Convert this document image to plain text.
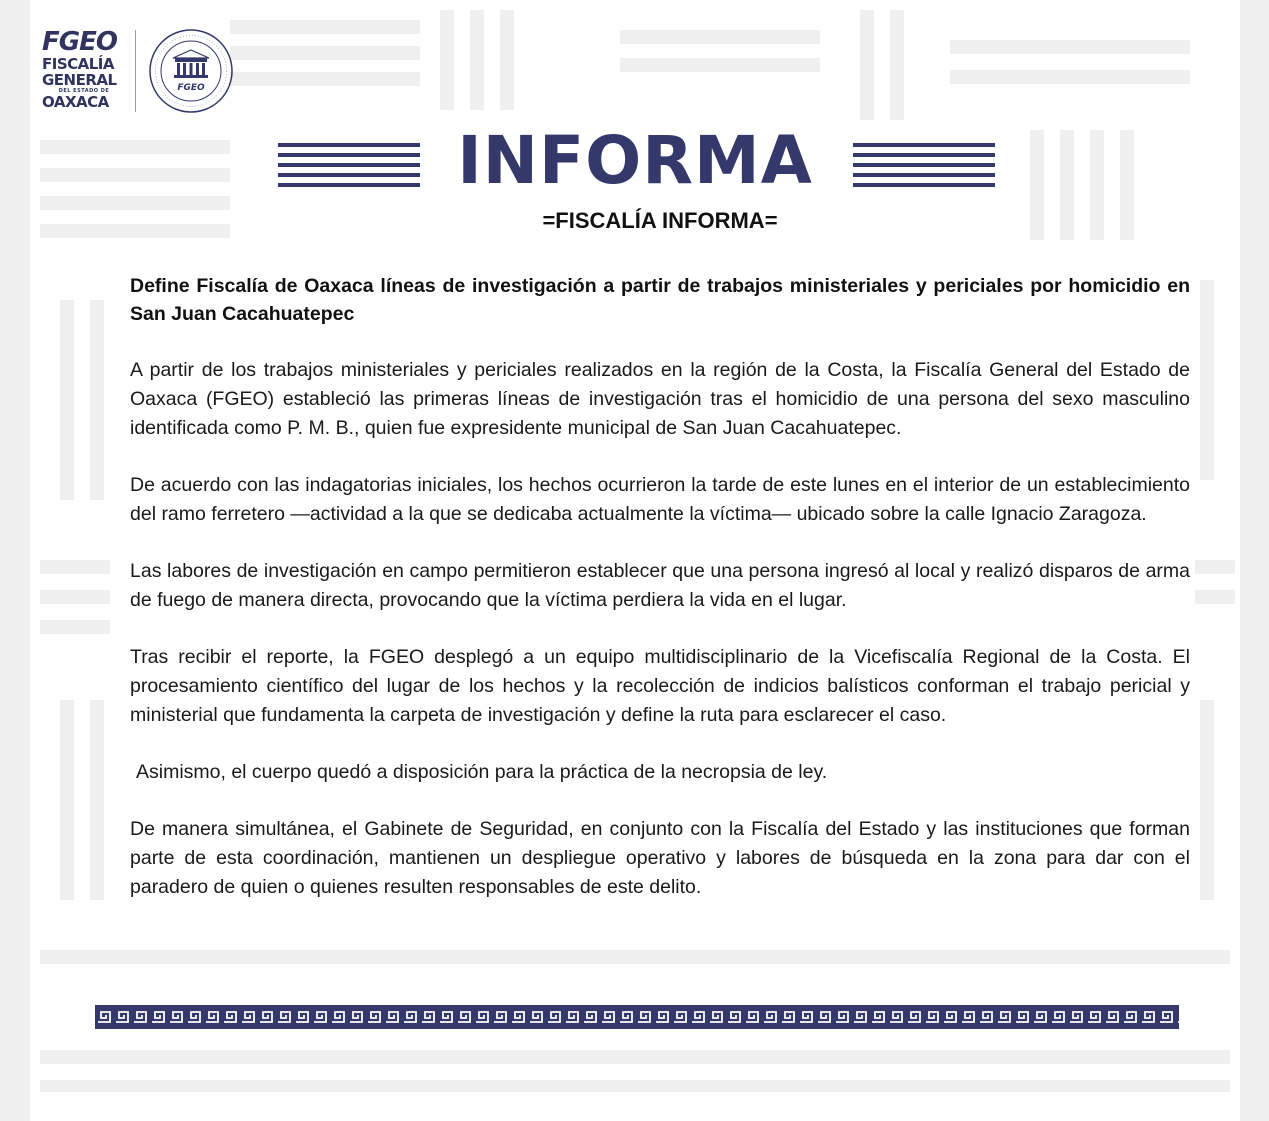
FGEO
FISCALÍA
GENERAL
DEL ESTADO DE
OAXACA
FGEO
INFORMA
=FISCALÍA INFORMA=

Define Fiscalía de Oaxaca líneas de investigación a partir de trabajos ministeriales y periciales por homicidio en San Juan Cacahuatepec

A partir de los trabajos ministeriales y periciales realizados en la región de la Costa, la Fiscalía General del Estado de Oaxaca (FGEO) estableció las primeras líneas de investigación tras el homicidio de una persona del sexo masculino identificada como P. M. B., quien fue expresidente municipal de San Juan Cacahuatepec.

De acuerdo con las indagatorias iniciales, los hechos ocurrieron la tarde de este lunes en el interior de un establecimiento del ramo ferretero —actividad a la que se dedicaba actualmente la víctima— ubicado sobre la calle Ignacio Zaragoza.

Las labores de investigación en campo permitieron establecer que una persona ingresó al local y realizó disparos de arma de fuego de manera directa, provocando que la víctima perdiera la vida en el lugar.

Tras recibir el reporte, la FGEO desplegó a un equipo multidisciplinario de la Vicefiscalía Regional de la Costa. El procesamiento científico del lugar de los hechos y la recolección de indicios balísticos conforman el trabajo pericial y ministerial que fundamenta la carpeta de investigación y define la ruta para esclarecer el caso.

Asimismo, el cuerpo quedó a disposición para la práctica de la necropsia de ley.

De manera simultánea, el Gabinete de Seguridad, en conjunto con la Fiscalía del Estado y las instituciones que forman parte de esta coordinación, mantienen un despliegue operativo y labores de búsqueda en la zona para dar con el paradero de quien o quienes resulten responsables de este delito.
